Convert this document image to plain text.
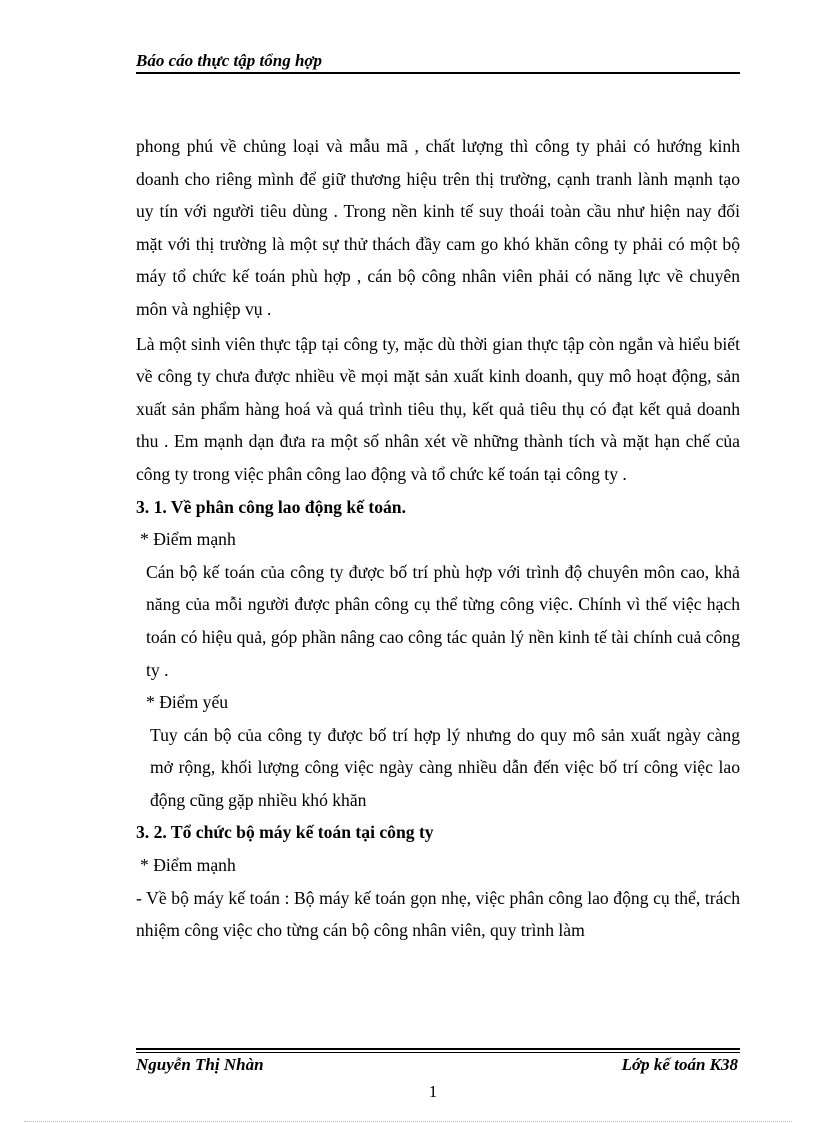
Báo cáo thực tập tổng hợp

phong phú về chủng loại và mẫu mã , chất lượng thì công ty phải có hướng kinh doanh cho riêng mình để giữ thương hiệu trên thị trường, cạnh tranh lành mạnh tạo uy tín với người tiêu dùng . Trong nền kinh tế suy thoái toàn cầu như hiện nay đối mặt với thị trường là một sự thử thách đầy cam go khó khăn công ty phải có một bộ máy tổ chức kế toán phù hợp , cán bộ công nhân viên phải có năng lực về chuyên môn và nghiệp vụ .

Là một sinh viên thực tập tại công ty, mặc dù thời gian thực tập còn ngắn và hiểu biết về công ty chưa được nhiều về mọi mặt sản xuất kinh doanh, quy mô hoạt động, sản xuất sản phẩm hàng hoá và quá trình tiêu thụ, kết quả tiêu thụ có đạt kết quả doanh thu . Em mạnh dạn đưa ra một số nhân xét về những thành tích và mặt hạn chế của công ty trong việc phân công lao động và tổ chức kế toán tại công ty .

3. 1. Về phân công lao động kế toán.

* Điểm mạnh

Cán bộ kế toán của công ty được bố trí phù hợp với trình độ chuyên môn cao, khả năng của mỗi người được phân công cụ thể từng công việc. Chính vì thế việc hạch toán có hiệu quả, góp phần nâng cao công tác quản lý nền kinh tế tài chính cuả công ty .

* Điểm yếu

Tuy cán bộ của công ty được bố trí hợp lý nhưng do quy mô sản xuất ngày càng mở rộng, khối lượng công việc ngày càng nhiều dẫn đến việc bố trí công việc lao động cũng gặp nhiều khó khăn

3. 2. Tổ chức bộ máy kế toán tại công ty

* Điểm mạnh

- Về bộ máy kế toán : Bộ máy kế toán gọn nhẹ, việc phân công lao động cụ thể, trách nhiệm công việc cho từng cán bộ công nhân viên, quy trình làm

Nguyễn Thị Nhàn	Lớp kế toán K38
1
